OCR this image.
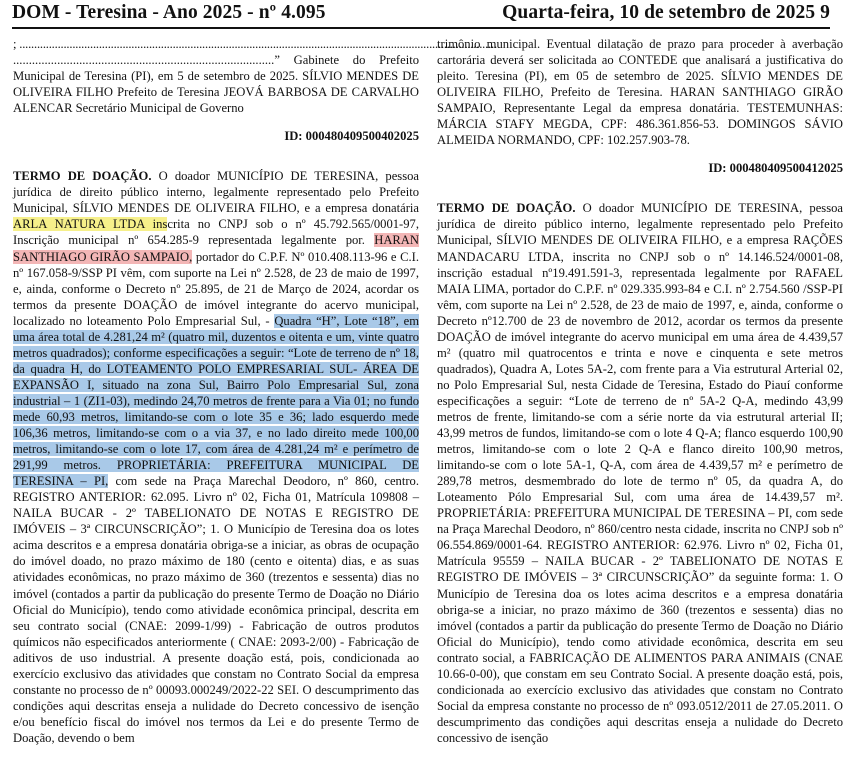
DOM - Teresina - Ano 2025 - nº 4.095	Quarta-feira, 10 de setembro de 2025 9

; ..................................................................................................................................................................

...................................................................................” Gabinete do Prefeito Municipal de Teresina (PI), em 5 de setembro de 2025. SÍLVIO MENDES DE OLIVEIRA FILHO Prefeito de Teresina JEOVÁ BARBOSA DE CARVALHO ALENCAR Secretário Municipal de Governo

ID: 000480409500402025

TERMO DE DOAÇÃO. O doador MUNICÍPIO DE TERESINA, pessoa jurídica de direito público interno, legalmente representado pelo Prefeito Municipal, SÍLVIO MENDES DE OLIVEIRA FILHO, e a empresa donatária ARLA NATURA LTDA inscrita no CNPJ sob o nº 45.792.565/0001-97, Inscrição municipal nº 654.285-9 representada legalmente por. HARAN SANTHIAGO GIRÃO SAMPAIO, portador do C.P.F. Nº 010.408.113-96 e C.I. nº 167.058-9/SSP PI vêm, com suporte na Lei nº 2.528, de 23 de maio de 1997, e, ainda, conforme o Decreto nº 25.895, de 21 de Março de 2024, acordar os termos da presente DOAÇÃO de imóvel integrante do acervo municipal, localizado no loteamento Polo Empresarial Sul, - Quadra “H”, Lote “18”, em uma área total de 4.281,24 m² (quatro mil, duzentos e oitenta e um, vinte quatro metros quadrados); conforme especificações a seguir: “Lote de terreno de nº 18, da quadra H, do LOTEAMENTO POLO EMPRESARIAL SUL- ÁREA DE EXPANSÃO I, situado na zona Sul, Bairro Polo Empresarial Sul, zona industrial – 1 (ZI1-03), medindo 24,70 metros de frente para a Via 01; no fundo mede 60,93 metros, limitando-se com o lote 35 e 36; lado esquerdo mede 106,36 metros, limitando-se com o a via 37, e no lado direito mede 100,00 metros, limitando-se com o lote 17, com área de 4.281,24 m² e perímetro de 291,99 metros. PROPRIETÁRIA: PREFEITURA MUNICIPAL DE TERESINA – PI, com sede na Praça Marechal Deodoro, nº 860, centro. REGISTRO ANTERIOR: 62.095. Livro nº 02, Ficha 01, Matrícula 109808 – NAILA BUCAR - 2º TABELIONATO DE NOTAS E REGISTRO DE IMÓVEIS – 3ª CIRCUNSCRIÇÃO”; 1. O Município de Teresina doa os lotes acima descritos e a empresa donatária obriga-se a iniciar, as obras de ocupação do imóvel doado, no prazo máximo de 180 (cento e oitenta) dias, e as suas atividades econômicas, no prazo máximo de 360 (trezentos e sessenta) dias no imóvel (contados a partir da publicação do presente Termo de Doação no Diário Oficial do Município), tendo como atividade econômica principal, descrita em seu contrato social (CNAE: 2099-1/99) - Fabricação de outros produtos químicos não especificados anteriormente ( CNAE: 2093-2/00) - Fabricação de aditivos de uso industrial. A presente doação está, pois, condicionada ao exercício exclusivo das atividades que constam no Contrato Social da empresa constante no processo de nº 00093.000249/2022-22 SEI. O descumprimento das condições aqui descritas enseja a nulidade do Decreto concessivo de isenção e/ou benefício fiscal do imóvel nos termos da Lei e do presente Termo de Doação, devendo o bem

trimônio municipal. Eventual dilatação de prazo para proceder à averbação cartorária deverá ser solicitada ao CONTEDE que analisará a justificativa do pleito. Teresina (PI), em 05 de setembro de 2025. SÍLVIO MENDES DE OLIVEIRA FILHO, Prefeito de Teresina. HARAN SANTHIAGO GIRÃO SAMPAIO, Representante Legal da empresa donatária. TESTEMUNHAS: MÁRCIA STAFY MEGDA, CPF: 486.361.856-53. DOMINGOS SÁVIO ALMEIDA NORMANDO, CPF: 102.257.903-78.

ID: 000480409500412025

TERMO DE DOAÇÃO. O doador MUNICÍPIO DE TERESINA, pessoa jurídica de direito público interno, legalmente representado pelo Prefeito Municipal, SÍLVIO MENDES DE OLIVEIRA FILHO, e a empresa RAÇÕES MANDACARU LTDA, inscrita no CNPJ sob o nº 14.146.524/0001-08, inscrição estadual nº19.491.591-3, representada legalmente por RAFAEL MAIA LIMA, portador do C.P.F. nº 029.335.993-84 e C.I. nº 2.754.560 /SSP-PI vêm, com suporte na Lei nº 2.528, de 23 de maio de 1997, e, ainda, conforme o Decreto nº12.700 de 23 de novembro de 2012, acordar os termos da presente DOAÇÃO de imóvel integrante do acervo municipal em uma área de 4.439,57 m² (quatro mil quatrocentos e trinta e nove e cinquenta e sete metros quadrados), Quadra A, Lotes 5A-2, com frente para a Via estrutural Arterial 02, no Polo Empresarial Sul, nesta Cidade de Teresina, Estado do Piauí conforme especificações a seguir: “Lote de terreno de nº 5A-2 Q-A, medindo 43,99 metros de frente, limitando-se com a série norte da via estrutural arterial II; 43,99 metros de fundos, limitando-se com o lote 4 Q-A; flanco esquerdo 100,90 metros, limitando-se com o lote 2 Q-A e flanco direito 100,90 metros, limitando-se com o lote 5A-1, Q-A, com área de 4.439,57 m² e perímetro de 289,78 metros, desmembrado do lote de termo nº 05, da quadra A, do Loteamento Pólo Empresarial Sul, com uma área de 14.439,57 m². PROPRIETÁRIA: PREFEITURA MUNICIPAL DE TERESINA – PI, com sede na Praça Marechal Deodoro, nº 860/centro nesta cidade, inscrita no CNPJ sob nº 06.554.869/0001-64. REGISTRO ANTERIOR: 62.976. Livro nº 02, Ficha 01, Matrícula 95559 – NAILA BUCAR - 2º TABELIONATO DE NOTAS E REGISTRO DE IMÓVEIS – 3ª CIRCUNSCRIÇÃO” da seguinte forma: 1. O Município de Teresina doa os lotes acima descritos e a empresa donatária obriga-se a iniciar, no prazo máximo de 360 (trezentos e sessenta) dias no imóvel (contados a partir da publicação do presente Termo de Doação no Diário Oficial do Município), tendo como atividade econômica, descrita em seu contrato social, a FABRICAÇÃO DE ALIMENTOS PARA ANIMAIS (CNAE 10.66-0-00), que constam em seu Contrato Social. A presente doação está, pois, condicionada ao exercício exclusivo das atividades que constam no Contrato Social da empresa constante no processo de nº 093.0512/2011 de 27.05.2011. O descumprimento das condições aqui descritas enseja a nulidade do Decreto concessivo de isenção
